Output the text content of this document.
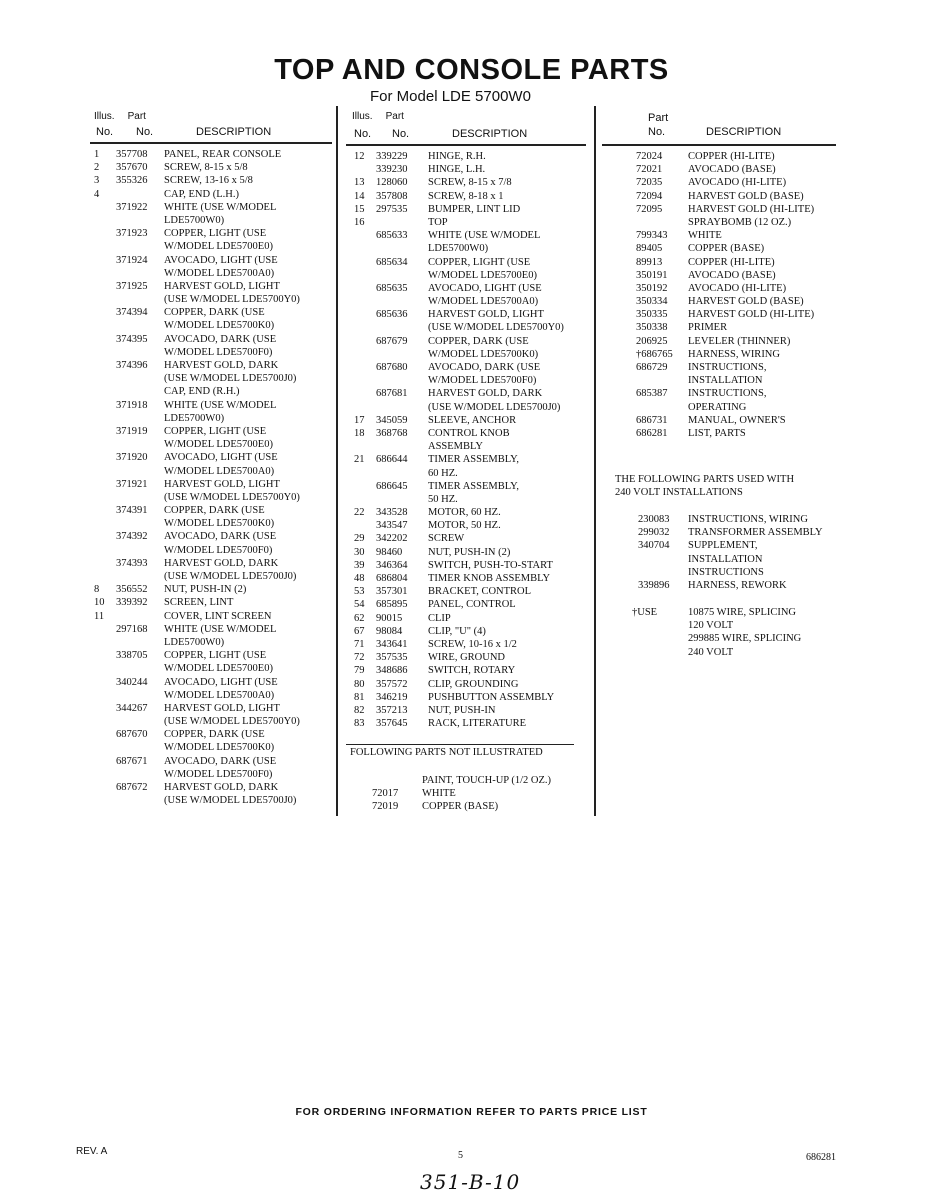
TOP AND CONSOLE PARTS
For Model LDE 5700W0
Illus. Part
No. No.	DESCRIPTION
Illus. Part
No. No.	DESCRIPTION
Part
No.	DESCRIPTION
1 357708 PANEL, REAR CONSOLE
2 357670 SCREW, 8-15 x 5/8
3 355326 SCREW, 13-16 x 5/8
4	CAP, END (L.H.)
371922 WHITE (USE W/MODEL
LDE5700W0)
371923 COPPER, LIGHT (USE
W/MODEL LDE5700E0)
371924 AVOCADO, LIGHT (USE
W/MODEL LDE5700A0)
371925 HARVEST GOLD, LIGHT
(USE W/MODEL LDE5700Y0)
374394 COPPER, DARK (USE
W/MODEL LDE5700K0)
374395 AVOCADO, DARK (USE
W/MODEL LDE5700F0)
374396 HARVEST GOLD, DARK
(USE W/MODEL LDE5700J0)
CAP, END (R.H.)
371918 WHITE (USE W/MODEL
LDE5700W0)
371919 COPPER, LIGHT (USE
W/MODEL LDE5700E0)
371920 AVOCADO, LIGHT (USE
W/MODEL LDE5700A0)
371921 HARVEST GOLD, LIGHT
(USE W/MODEL LDE5700Y0)
374391 COPPER, DARK (USE
W/MODEL LDE5700K0)
374392 AVOCADO, DARK (USE
W/MODEL LDE5700F0)
374393 HARVEST GOLD, DARK
(USE W/MODEL LDE5700J0)
8 356552 NUT, PUSH-IN (2)
10 339392 SCREEN, LINT
11	COVER, LINT SCREEN
297168 WHITE (USE W/MODEL
LDE5700W0)
338705 COPPER, LIGHT (USE
W/MODEL LDE5700E0)
340244 AVOCADO, LIGHT (USE
W/MODEL LDE5700A0)
344267 HARVEST GOLD, LIGHT
(USE W/MODEL LDE5700Y0)
687670 COPPER, DARK (USE
W/MODEL LDE5700K0)
687671 AVOCADO, DARK (USE
W/MODEL LDE5700F0)
687672 HARVEST GOLD, DARK
(USE W/MODEL LDE5700J0)
12 339229 HINGE, R.H.
339230 HINGE, L.H.
13 128060 SCREW, 8-15 x 7/8
14 357808 SCREW, 8-18 x 1
15 297535 BUMPER, LINT LID
16	TOP
685633 WHITE (USE W/MODEL
LDE5700W0)
685634 COPPER, LIGHT (USE
W/MODEL LDE5700E0)
685635 AVOCADO, LIGHT (USE
W/MODEL LDE5700A0)
685636 HARVEST GOLD, LIGHT
(USE W/MODEL LDE5700Y0)
687679 COPPER, DARK (USE
W/MODEL LDE5700K0)
687680 AVOCADO, DARK (USE
W/MODEL LDE5700F0)
687681 HARVEST GOLD, DARK
(USE W/MODEL LDE5700J0)
17 345059 SLEEVE, ANCHOR
18 368768 CONTROL KNOB
ASSEMBLY
21 686644 TIMER ASSEMBLY,
60 HZ.
686645 TIMER ASSEMBLY,
50 HZ.
22 343528 MOTOR, 60 HZ.
343547 MOTOR, 50 HZ.
29 342202 SCREW
30 98460 NUT, PUSH-IN (2)
39 346364 SWITCH, PUSH-TO-START
48 686804 TIMER KNOB ASSEMBLY
53 357301 BRACKET, CONTROL
54 685895 PANEL, CONTROL
62 90015 CLIP
67 98084 CLIP, "U" (4)
71 343641 SCREW, 10-16 x 1/2
72 357535 WIRE, GROUND
79 348686 SWITCH, ROTARY
80 357572 CLIP, GROUNDING
81 346219 PUSHBUTTON ASSEMBLY
82 357213 NUT, PUSH-IN
83 357645 RACK, LITERATURE
FOLLOWING PARTS NOT ILLUSTRATED
PAINT, TOUCH-UP (1/2 OZ.)
72017 WHITE
72019 COPPER (BASE)
72024 COPPER (HI-LITE)
72021 AVOCADO (BASE)
72035 AVOCADO (HI-LITE)
72094 HARVEST GOLD (BASE)
72095 HARVEST GOLD (HI-LITE)
SPRAYBOMB (12 OZ.)
799343 WHITE
89405 COPPER (BASE)
89913 COPPER (HI-LITE)
350191 AVOCADO (BASE)
350192 AVOCADO (HI-LITE)
350334 HARVEST GOLD (BASE)
350335 HARVEST GOLD (HI-LITE)
350338 PRIMER
206925 LEVELER (THINNER)
†686765 HARNESS, WIRING
686729 INSTRUCTIONS,
INSTALLATION
685387 INSTRUCTIONS,
OPERATING
686731 MANUAL, OWNER'S
686281 LIST, PARTS
THE FOLLOWING PARTS USED WITH
240 VOLT INSTALLATIONS
230083 INSTRUCTIONS, WIRING
299032 TRANSFORMER ASSEMBLY
340704 SUPPLEMENT,
INSTALLATION
INSTRUCTIONS
339896 HARNESS, REWORK
†USE	10875 WIRE, SPLICING
120 VOLT
299885 WIRE, SPLICING
240 VOLT
FOR ORDERING INFORMATION REFER TO PARTS PRICE LIST
REV. A	5	686281
351-B-10
